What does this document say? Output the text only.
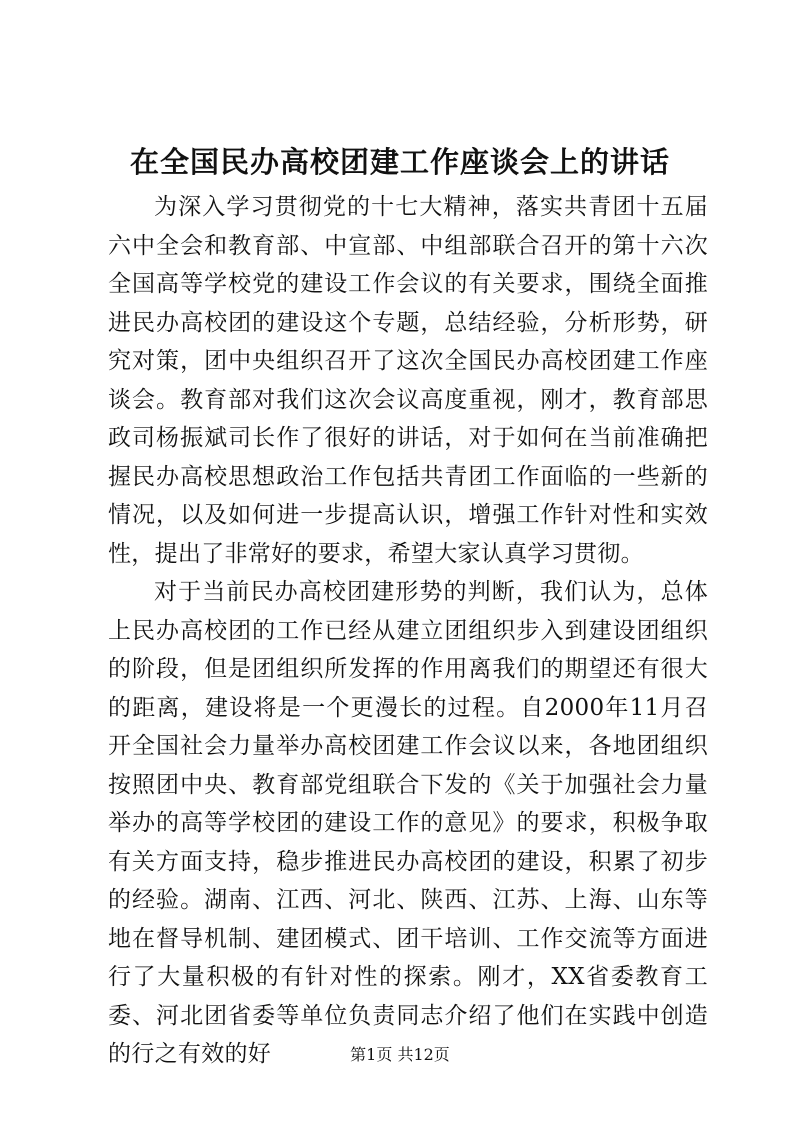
在全国民办高校团建工作座谈会上的讲话

为深入学习贯彻党的十七大精神，落实共青团十五届六中全会和教育部、中宣部、中组部联合召开的第十六次全国高等学校党的建设工作会议的有关要求，围绕全面推进民办高校团的建设这个专题，总结经验，分析形势，研究对策，团中央组织召开了这次全国民办高校团建工作座谈会。教育部对我们这次会议高度重视，刚才，教育部思政司杨振斌司长作了很好的讲话，对于如何在当前准确把握民办高校思想政治工作包括共青团工作面临的一些新的情况，以及如何进一步提高认识，增强工作针对性和实效性，提出了非常好的要求，希望大家认真学习贯彻。

对于当前民办高校团建形势的判断，我们认为，总体上民办高校团的工作已经从建立团组织步入到建设团组织的阶段，但是团组织所发挥的作用离我们的期望还有很大的距离，建设将是一个更漫长的过程。自2000年11月召开全国社会力量举办高校团建工作会议以来，各地团组织按照团中央、教育部党组联合下发的《关于加强社会力量举办的高等学校团的建设工作的意见》的要求，积极争取有关方面支持，稳步推进民办高校团的建设，积累了初步的经验。湖南、江西、河北、陕西、江苏、上海、山东等地在督导机制、建团模式、团干培训、工作交流等方面进行了大量积极的有针对性的探索。刚才，XX省委教育工委、河北团省委等单位负责同志介绍了他们在实践中创造的行之有效的好	第1页 共12页
